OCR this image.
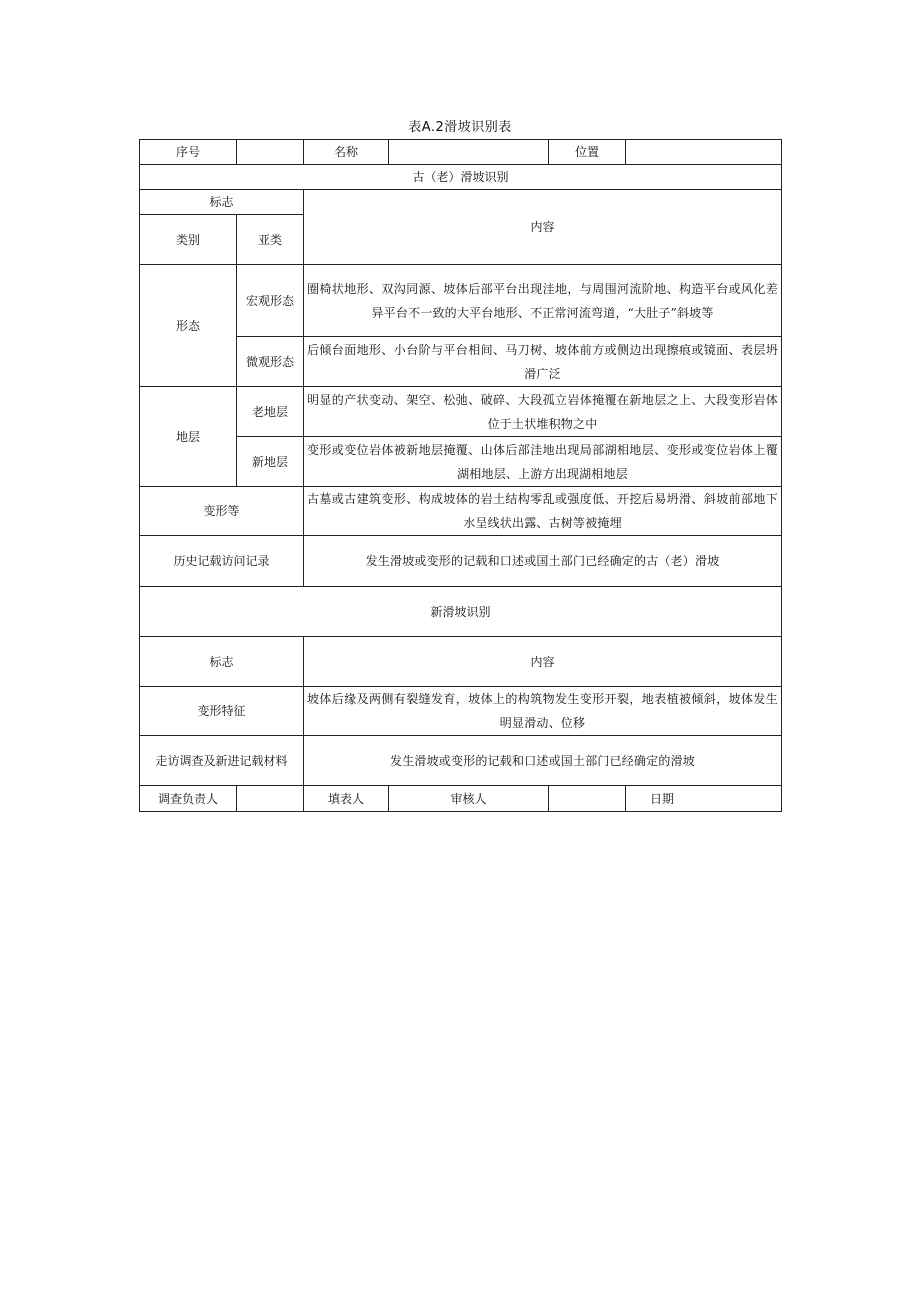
表A.2滑坡识别表
序号		名称		位置	
古（老）滑坡识别					
标志		内容			
类别	亚类				
形态	宏观形态	圈椅状地形、双沟同源、坡体后部平台出现洼地，与周围河流阶地、构造平台或风化差异平台不一致的大平台地形、不正常河流弯道，“大肚子”斜坡等			
	微观形态	后倾台面地形、小台阶与平台相间、马刀树、坡体前方或侧边出现擦痕或镜面、表层坍滑广泛			
地层	老地层	明显的产状变动、架空、松弛、破碎、大段孤立岩体掩覆在新地层之上、大段变形岩体位于土状堆积物之中			
	新地层	变形或变位岩体被新地层掩覆、山体后部洼地出现局部湖相地层、变形或变位岩体上覆湖相地层、上游方出现湖相地层			
变形等		古墓或古建筑变形、构成坡体的岩土结构零乱或强度低、开挖后易坍滑、斜坡前部地下水呈线状出露、古树等被掩埋			
历史记载访问记录		发生滑坡或变形的记载和口述或国土部门已经确定的古（老）滑坡			
新滑坡识别					
标志		内容			
变形特征		坡体后缘及两侧有裂缝发育，坡体上的构筑物发生变形开裂，地表植被倾斜，坡体发生明显滑动、位移			
走访调查及新进记载材料		发生滑坡或变形的记载和口述或国土部门已经确定的滑坡			
调查负责人		填表人	审核人		日期
